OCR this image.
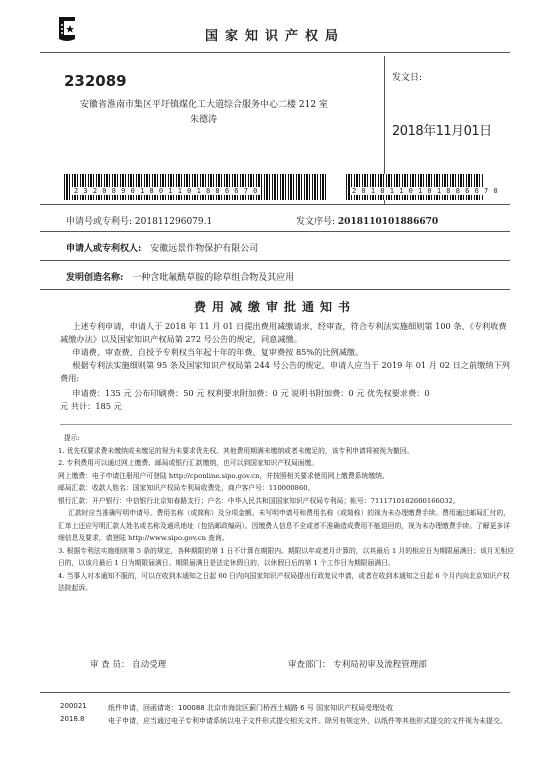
国家知识产权局
232089
安徽省淮南市集区平圩镇煤化工大道综合服务中心二楼 212 室
朱德涛
发文日:
2018年11月01日
2 3 2 0 8 9 0 1 8 0 1 1 0 1 8 8 6 6 7 0	2 0 1 8 1 1 0 1 0 1 8 8 6 6 7 0
申请号或专利号: 201811296079.1	发文序号: 2018110101886670
申请人或专利权人: 安徽远景作物保护有限公司
发明创造名称: 一种含吡氟酰草胺的除草组合物及其应用
费用减缴审批通知书

上述专利申请，申请人于 2018 年 11 月 01 日提出费用减缴请求，经审查，符合专利法实施细则第 100 条、《专利收费减缴办法》以及国家知识产权局第 272 号公告的规定，同意减缴。

申请费、审查费、自授予专利权当年起十年的年费、复审费按 85%的比例减缴。

根据专利法实施细则第 95 条及国家知识产权局第 244 号公告的规定，申请人应当于 2019 年 01 月 02 日之前缴纳下列费用:

申请费：135 元 公布印刷费：50 元 权利要求附加费：0 元 说明书附加费：0 元 优先权要求费：0

元 共计：185 元

提示:

1. 优先权要求费未缴纳或未缴足的视为未要求优先权。其他费用期满未缴纳或者未缴足的，该专利申请将被视为撤回。

2. 专利费用可以通过网上缴费、邮局或银行汇款缴纳，也可以到国家知识产权局面缴。

网上缴费：电子申请注册用户可登陆 http://cponline.sipo.gov.cn，并按照相关要求使用网上缴费系统缴纳。

邮局汇款：收款人姓名：国家知识产权局专利局收费处，商户客户号：110000860。

银行汇款：开户银行：中信银行北京知春路支行；户名：中华人民共和国国家知识产权局专利局；帐号：7111710182600166032。

汇款时应当准确写明申请号、费用名称（或简称）及分项金额。未写明申请号和费用名称（或简称）的视为未办理缴费手续。费用通过邮局汇付的，汇单上还应写明汇款人姓名或名称及通讯地址（包括邮政编码）。因缴费人信息不全或者不准确造成费用不能退回的，视为未办理缴费手续。了解更多详细信息及要求，请登陆 http://www.sipo.gov.cn 查询。

3. 根据专利法实施细则第 5 条的规定，各种期限的第 1 日不计算在期限内。期限以年或者月计算的，以其最后 1 月的相应日为期限届满日；该月无相应日的，以该月最后 1 日为期限届满日。期限届满日是法定休假日的，以休假日后的第 1 个工作日为期限届满日。

4. 当事人对本通知不服的，可以在收到本通知之日起 60 日内向国家知识产权局提出行政复议申请，或者在收到本通知之日起 6 个月内向北京知识产权法院起诉。

审 查 员： 自动受理	审查部门： 专利局初审及流程管理部
200021
2018.8

纸件申请，回函请寄：100088 北京市海淀区蓟门桥西土城路 6 号 国家知识产权局受理处收

电子申请，应当通过电子专利申请系统以电子文件形式提交相关文件。除另有规定外，以纸件等其他形式提交的文件视为未提交。
